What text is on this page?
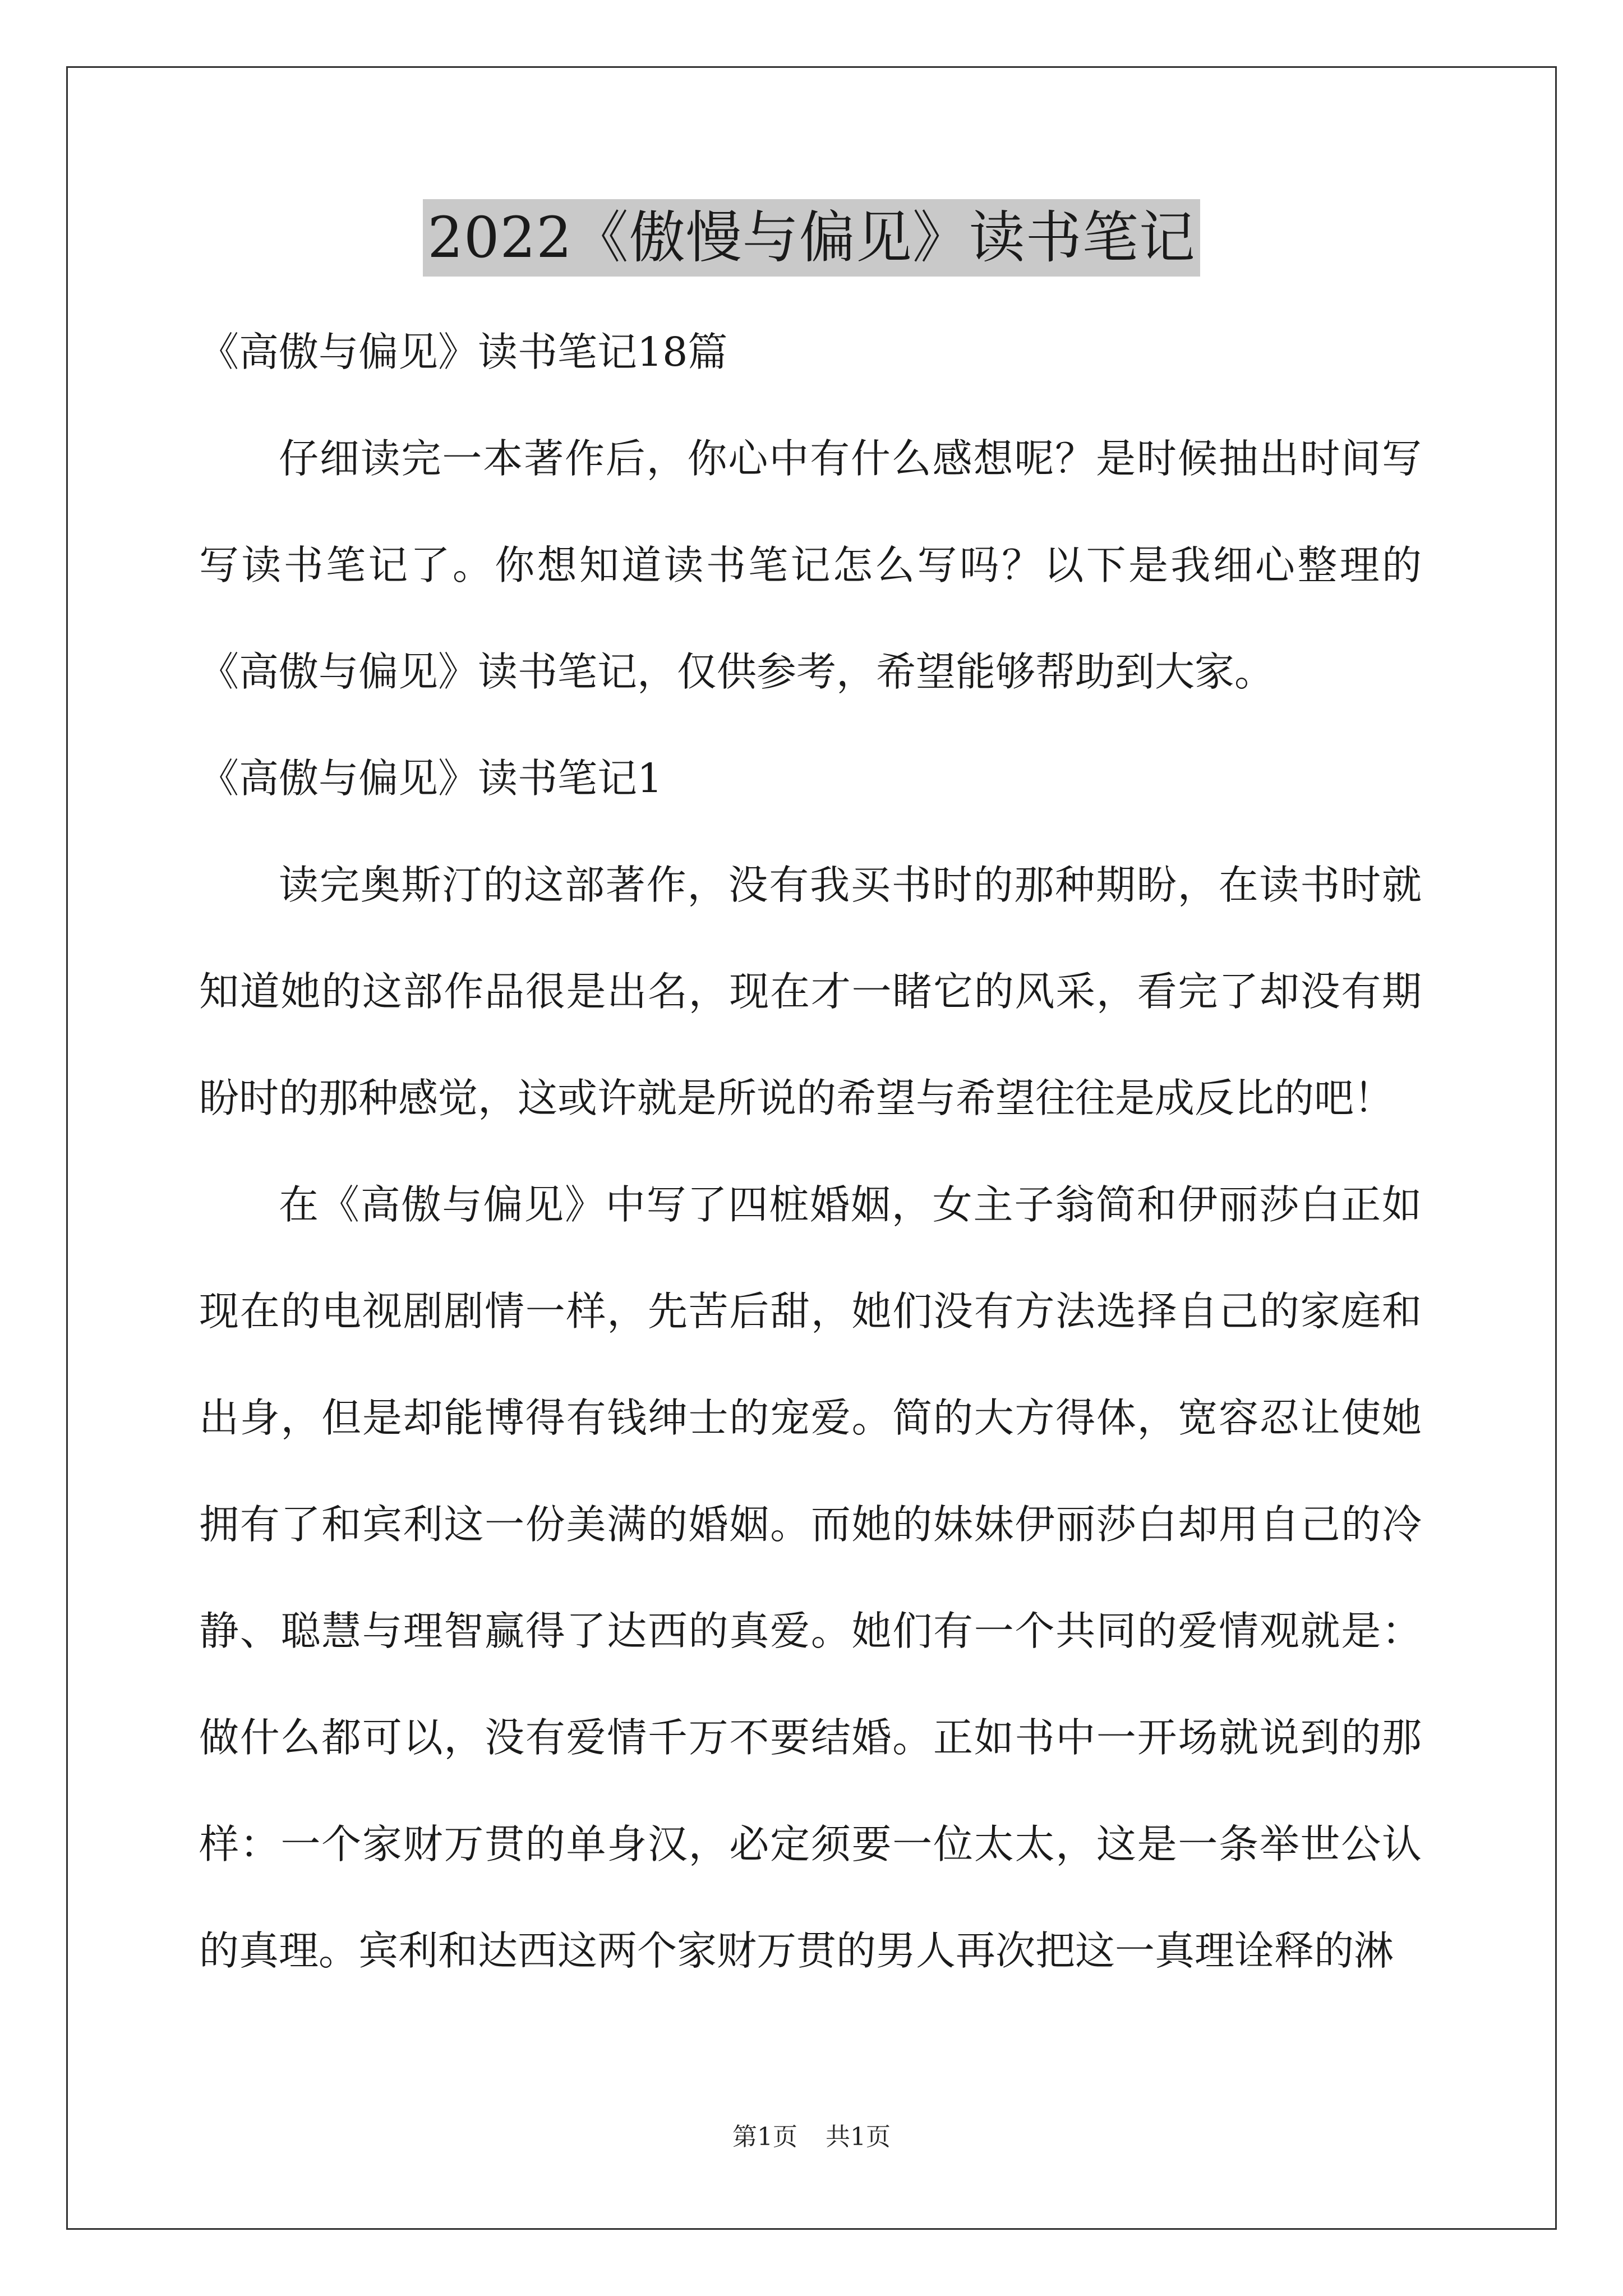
2022《傲慢与偏见》读书笔记

《高傲与偏见》读书笔记18篇

仔细读完一本著作后，你心中有什么感想呢？是时候抽出时间写写读书笔记了。你想知道读书笔记怎么写吗？以下是我细心整理的《高傲与偏见》读书笔记，仅供参考，希望能够帮助到大家。

《高傲与偏见》读书笔记1

读完奥斯汀的这部著作，没有我买书时的那种期盼，在读书时就知道她的这部作品很是出名，现在才一睹它的风采，看完了却没有期盼时的那种感觉，这或许就是所说的希望与希望往往是成反比的吧！

在《高傲与偏见》中写了四桩婚姻，女主子翁简和伊丽莎白正如现在的电视剧剧情一样，先苦后甜，她们没有方法选择自己的家庭和出身，但是却能博得有钱绅士的宠爱。简的大方得体，宽容忍让使她拥有了和宾利这一份美满的婚姻。而她的妹妹伊丽莎白却用自己的冷静、聪慧与理智赢得了达西的真爱。她们有一个共同的爱情观就是：做什么都可以，没有爱情千万不要结婚。正如书中一开场就说到的那样：一个家财万贯的单身汉，必定须要一位太太，这是一条举世公认的真理。宾利和达西这两个家财万贯的男人再次把这一真理诠释的淋

第1页 共1页
